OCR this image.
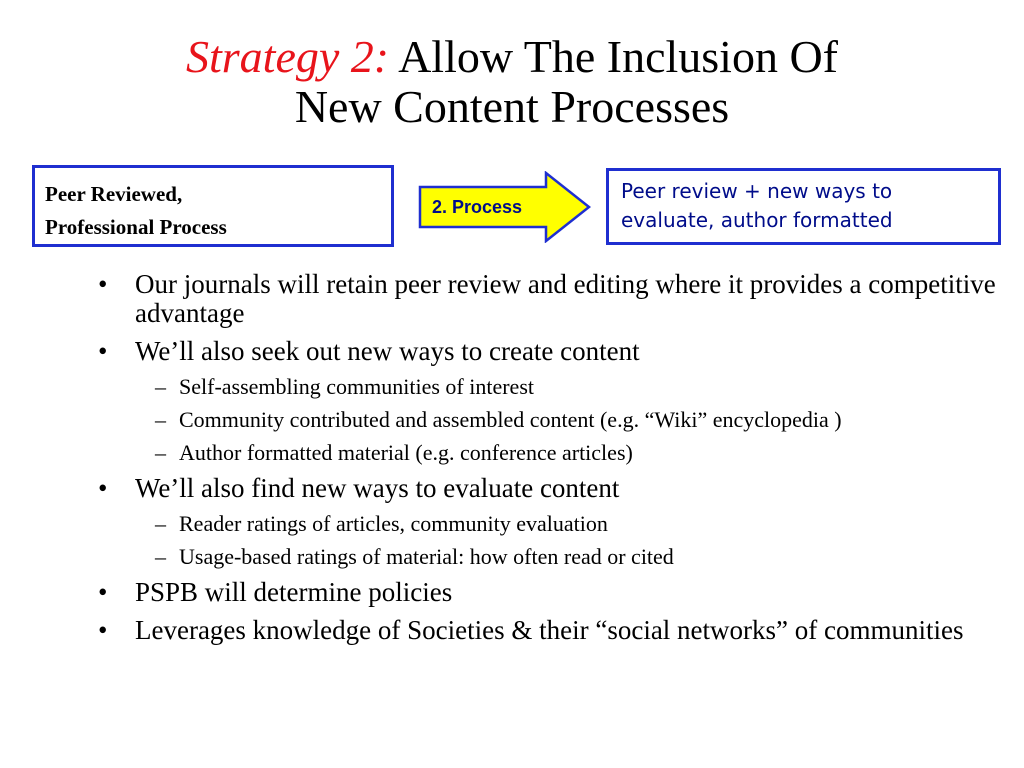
Strategy 2: Allow The Inclusion Of
New Content Processes
Peer Reviewed,
Professional Process
2. Process
Peer review + new ways to
evaluate, author formatted
• Our journals will retain peer review and editing where it provides a competitive advantage
• We’ll also seek out new ways to create content
– Self-assembling communities of interest
– Community contributed and assembled content (e.g. “Wiki” encyclopedia )
– Author formatted material (e.g. conference articles)
• We’ll also find new ways to evaluate content
– Reader ratings of articles, community evaluation
– Usage-based ratings of material: how often read or cited
• PSPB will determine policies
• Leverages knowledge of Societies & their “social networks” of communities
